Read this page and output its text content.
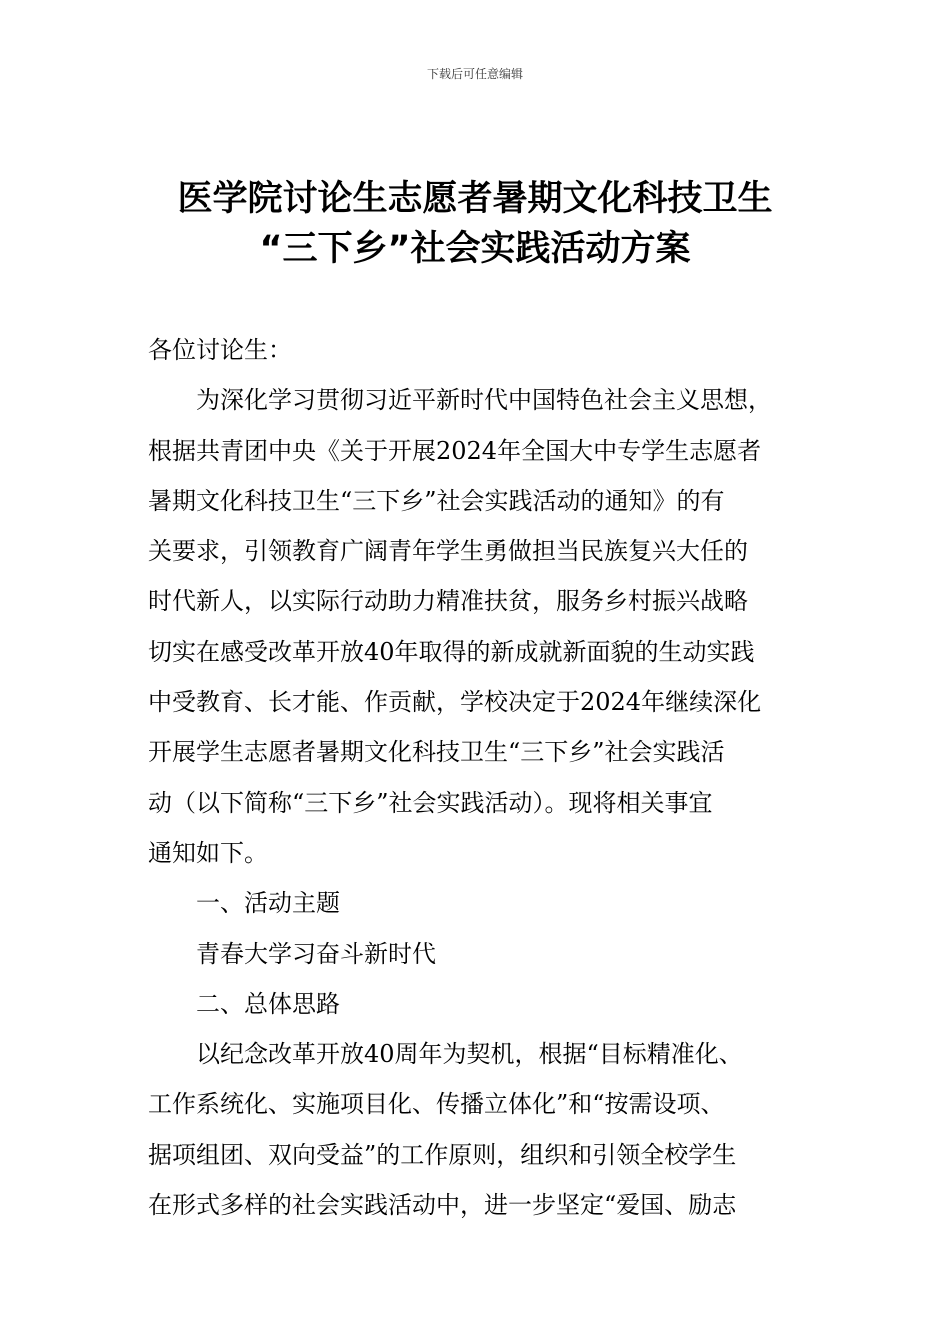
下载后可任意编辑
医学院讨论生志愿者暑期文化科技卫生
“三下乡”社会实践活动方案

各位讨论生：

为深化学习贯彻习近平新时代中国特色社会主义思想，

根据共青团中央《关于开展2024年全国大中专学生志愿者

暑期文化科技卫生“三下乡”社会实践活动的通知》的有

关要求，引领教育广阔青年学生勇做担当民族复兴大任的

时代新人，以实际行动助力精准扶贫，服务乡村振兴战略

切实在感受改革开放40年取得的新成就新面貌的生动实践

中受教育、长才能、作贡献，学校决定于2024年继续深化

开展学生志愿者暑期文化科技卫生“三下乡”社会实践活

动（以下简称“三下乡”社会实践活动）。现将相关事宜

通知如下。

一、活动主题

青春大学习奋斗新时代

二、总体思路

以纪念改革开放40周年为契机，根据“目标精准化、

工作系统化、实施项目化、传播立体化”和“按需设项、

据项组团、双向受益”的工作原则，组织和引领全校学生

在形式多样的社会实践活动中，进一步坚定“爱国、励志
